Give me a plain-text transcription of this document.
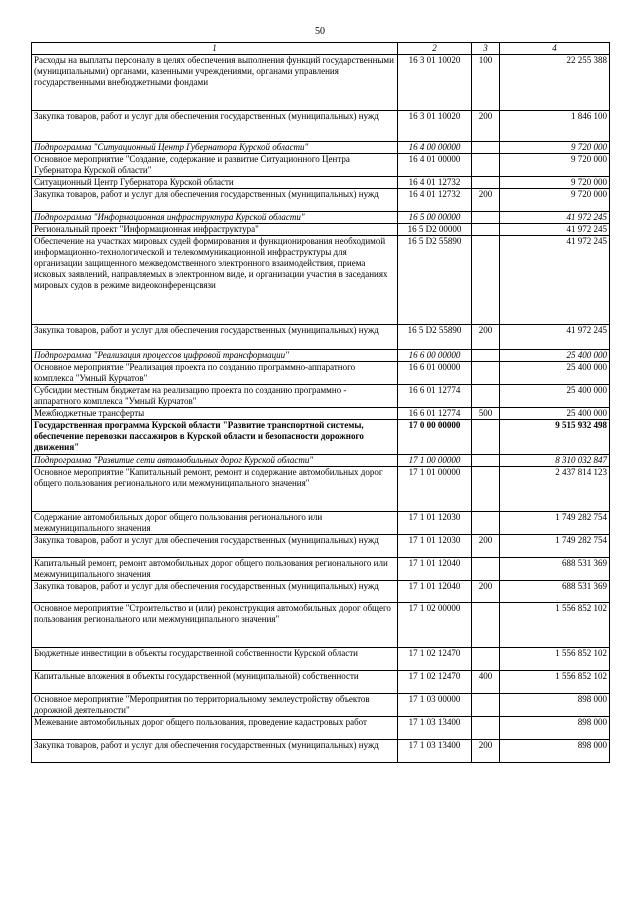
50
1	2	3	4
Расходы на выплаты персоналу в целях обеспечения выполнения функций государственными (муниципальными) органами, казенными учреждениями, органами управления государственными внебюджетными фондами	16 3 01 10020	100	22 255 388
Закупка товаров, работ и услуг для обеспечения государственных (муниципальных) нужд	16 3 01 10020	200	1 846 100
Подпрограмма "Ситуационный Центр Губернатора Курской области"	16 4 00 00000		9 720 000
Основное мероприятие "Создание, содержание и развитие Ситуационного Центра Губернатора Курской области"	16 4 01 00000		9 720 000
Ситуационный Центр Губернатора Курской области	16 4 01 12732		9 720 000
Закупка товаров, работ и услуг для обеспечения государственных (муниципальных) нужд	16 4 01 12732	200	9 720 000
Подпрограмма "Информационная инфраструктура Курской области"	16 5 00 00000		41 972 245
Региональный проект "Информационная инфраструктура"	16 5 D2 00000		41 972 245
Обеспечение на участках мировых судей формирования и функционирования необходимой информационно-технологической и телекоммуникационной инфраструктуры для организации защищенного межведомственного электронного взаимодействия, приема исковых заявлений, направляемых в электронном виде, и организации участия в заседаниях мировых судов в режиме видеоконференцсвязи	16 5 D2 55890		41 972 245
Закупка товаров, работ и услуг для обеспечения государственных (муниципальных) нужд	16 5 D2 55890	200	41 972 245
Подпрограмма "Реализация процессов цифровой трансформации"	16 6 00 00000		25 400 000
Основное мероприятие "Реализация проекта по созданию программно-аппаратного комплекса "Умный Курчатов"	16 6 01 00000		25 400 000
Субсидии местным бюджетам на реализацию проекта по созданию программно - аппаратного комплекса "Умный Курчатов"	16 6 01 12774		25 400 000
Межбюджетные трансферты	16 6 01 12774	500	25 400 000
Государственная программа Курской области "Развитие транспортной системы, обеспечение перевозки пассажиров в Курской области и безопасности дорожного движения"	17 0 00 00000		9 515 932 498
Подпрограмма "Развитие сети автомобильных дорог Курской области"	17 1 00 00000		8 310 032 847
Основное мероприятие "Капитальный ремонт, ремонт и содержание автомобильных дорог общего пользования регионального или межмуниципального значения"	17 1 01 00000		2 437 814 123
Содержание автомобильных дорог общего пользования регионального или межмуниципального значения	17 1 01 12030		1 749 282 754
Закупка товаров, работ и услуг для обеспечения государственных (муниципальных) нужд	17 1 01 12030	200	1 749 282 754
Капитальный ремонт, ремонт автомобильных дорог общего пользования регионального или межмуниципального значения	17 1 01 12040		688 531 369
Закупка товаров, работ и услуг для обеспечения государственных (муниципальных) нужд	17 1 01 12040	200	688 531 369
Основное мероприятие "Строительство и (или) реконструкция автомобильных дорог общего пользования регионального или межмуниципального значения"	17 1 02 00000		1 556 852 102
Бюджетные инвестиции в объекты государственной собственности Курской области	17 1 02 12470		1 556 852 102
Капитальные вложения в объекты государственной (муниципальной) собственности	17 1 02 12470	400	1 556 852 102
Основное мероприятие "Мероприятия по территориальному землеустройству объектов дорожной деятельности"	17 1 03 00000		898 000
Межевание автомобильных дорог общего пользования, проведение кадастровых работ	17 1 03 13400		898 000
Закупка товаров, работ и услуг для обеспечения государственных (муниципальных) нужд	17 1 03 13400	200	898 000
